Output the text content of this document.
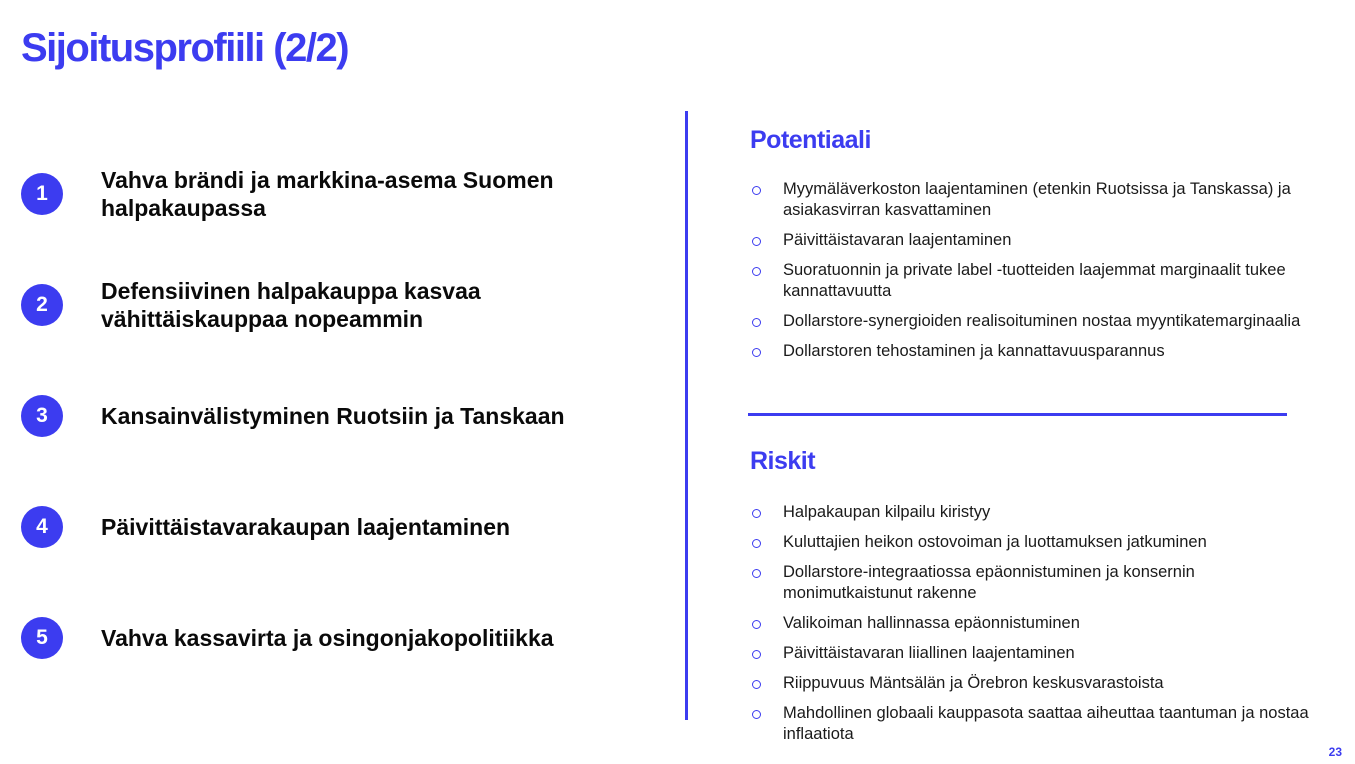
Sijoitusprofiili (2/2)
1
Vahva brändi ja markkina-asema Suomen halpakaupassa
2
Defensiivinen halpakauppa kasvaa vähittäiskauppaa nopeammin
3	Kansainvälistyminen Ruotsiin ja Tanskaan
4	Päivittäistavarakaupan laajentaminen
5	Vahva kassavirta ja osingonjakopolitiikka
Potentiaali
Myymäläverkoston laajentaminen (etenkin Ruotsissa ja Tanskassa) ja asiakasvirran kasvattaminen
Päivittäistavaran laajentaminen
Suoratuonnin ja private label -tuotteiden laajemmat marginaalit tukee kannattavuutta
Dollarstore-synergioiden realisoituminen nostaa myyntikatemarginaalia
Dollarstoren tehostaminen ja kannattavuusparannus
Riskit
Halpakaupan kilpailu kiristyy
Kuluttajien heikon ostovoiman ja luottamuksen jatkuminen
Dollarstore-integraatiossa epäonnistuminen ja konsernin monimutkaistunut rakenne
Valikoiman hallinnassa epäonnistuminen
Päivittäistavaran liiallinen laajentaminen
Riippuvuus Mäntsälän ja Örebron keskusvarastoista
Mahdollinen globaali kauppasota saattaa aiheuttaa taantuman ja nostaa inflaatiota
23
